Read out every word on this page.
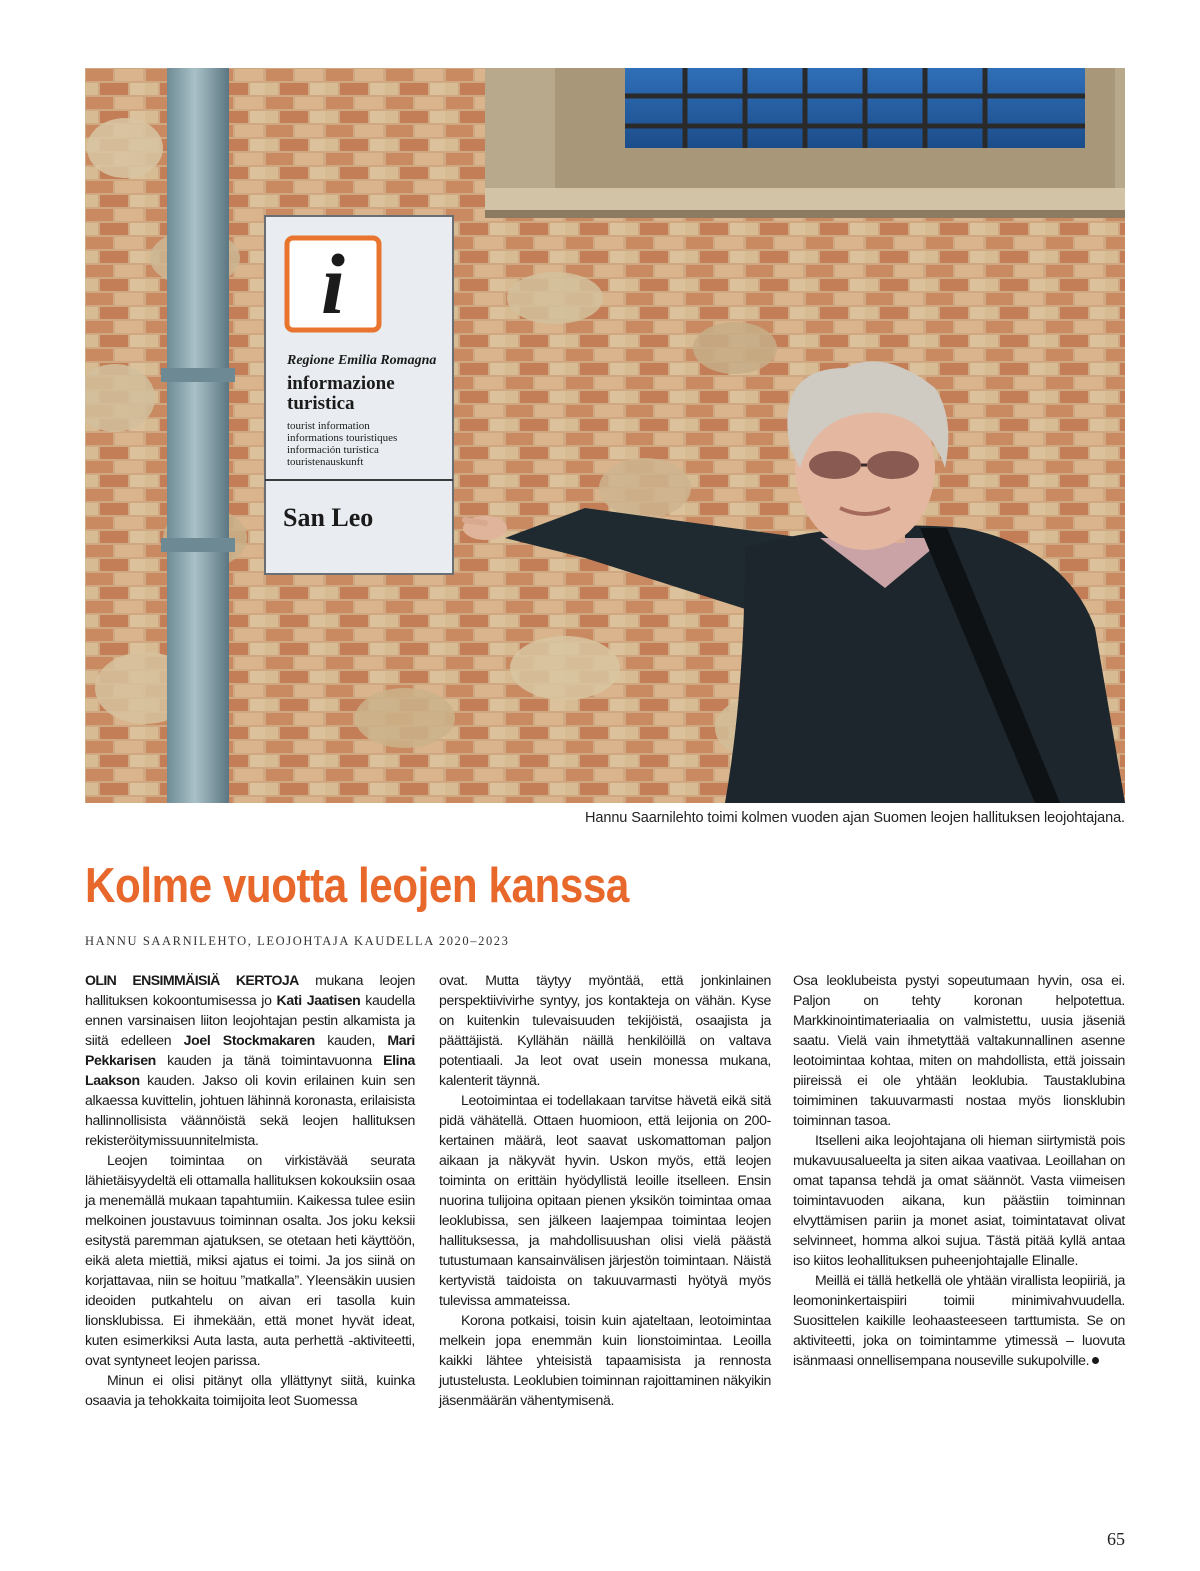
i
Regione Emilia Romagna
informazione
turistica
tourist information
informations touristiques
información turística
touristenauskunft
San Leo
Hannu Saarnilehto toimi kolmen vuoden ajan Suomen leojen hallituksen leojohtajana.
Kolme vuotta leojen kanssa
HANNU SAARNILEHTO, LEOJOHTAJA KAUDELLA 2020–2023

OLIN ENSIMMÄISIÄ KERTOJA mukana leojen hallituksen kokoontumisessa jo Kati Jaatisen kaudella ennen varsinaisen liiton leojohtajan pestin alkamista ja siitä edelleen Joel Stockmakaren kauden, Mari Pekkarisen kauden ja tänä toimintavuonna Elina Laakson kauden. Jakso oli kovin erilainen kuin sen alkaessa kuvittelin, johtuen lähinnä koronasta, erilaisista hallinnollisista väännöistä sekä leojen hallituksen rekisteröitymissuunnitelmista.

Leojen toimintaa on virkistävää seurata lähietäisyydeltä eli ottamalla hallituksen kokouksiin osaa ja menemällä mukaan tapahtumiin. Kaikessa tulee esiin melkoinen joustavuus toiminnan osalta. Jos joku keksii esitystä paremman ajatuksen, se otetaan heti käyttöön, eikä aleta miettiä, miksi ajatus ei toimi. Ja jos siinä on korjattavaa, niin se hoituu ”matkalla”. Yleensäkin uusien ideoiden putkahtelu on aivan eri tasolla kuin lionsklubissa. Ei ihmekään, että monet hyvät ideat, kuten esimerkiksi Auta lasta, auta perhettä -aktiviteetti, ovat syntyneet leojen parissa.

Minun ei olisi pitänyt olla yllättynyt siitä, kuinka osaavia ja tehokkaita toimijoita leot Suomessa

ovat. Mutta täytyy myöntää, että jonkinlainen perspektiivivirhe syntyy, jos kontakteja on vähän. Kyse on kuitenkin tulevaisuuden tekijöistä, osaajista ja päättäjistä. Kyllähän näillä henkilöillä on valtava potentiaali. Ja leot ovat usein monessa mukana, kalenterit täynnä.

Leotoimintaa ei todellakaan tarvitse hävetä eikä sitä pidä vähätellä. Ottaen huomioon, että leijonia on 200-kertainen määrä, leot saavat uskomattoman paljon aikaan ja näkyvät hyvin. Uskon myös, että leojen toiminta on erittäin hyödyllistä leoille itselleen. Ensin nuorina tulijoina opitaan pienen yksikön toimintaa omaa leoklubissa, sen jälkeen laajempaa toimintaa leojen hallituksessa, ja mahdollisuushan olisi vielä päästä tutustumaan kansainvälisen järjestön toimintaan. Näistä kertyvistä taidoista on takuuvarmasti hyötyä myös tulevissa ammateissa.

Korona potkaisi, toisin kuin ajateltaan, leotoimintaa melkein jopa enemmän kuin lionstoimintaa. Leoilla kaikki lähtee yhteisistä tapaamisista ja rennosta jutustelusta. Leoklubien toiminnan rajoittaminen näkyikin jäsenmäärän vähentymisenä.

Osa leoklubeista pystyi sopeutumaan hyvin, osa ei. Paljon on tehty koronan helpotettua. Markkinointimateriaalia on valmistettu, uusia jäseniä saatu. Vielä vain ihmetyttää valtakunnallinen asenne leotoimintaa kohtaa, miten on mahdollista, että joissain piireissä ei ole yhtään leoklubia. Taustaklubina toimiminen takuuvarmasti nostaa myös lionsklubin toiminnan tasoa.

Itselleni aika leojohtajana oli hieman siirtymistä pois mukavuusalueelta ja siten aikaa vaativaa. Leoillahan on omat tapansa tehdä ja omat säännöt. Vasta viimeisen toimintavuoden aikana, kun päästiin toiminnan elvyttämisen pariin ja monet asiat, toimintatavat olivat selvinneet, homma alkoi sujua. Tästä pitää kyllä antaa iso kiitos leohallituksen puheenjohtajalle Elinalle.

Meillä ei tällä hetkellä ole yhtään virallista leopiiriä, ja leomoninkertaispiiri toimii minimivahvuudella. Suosittelen kaikille leohaasteeseen tarttumista. Se on aktiviteetti, joka on toimintamme ytimessä – luovuta isänmaasi onnellisempana nouseville sukupolville.

65
